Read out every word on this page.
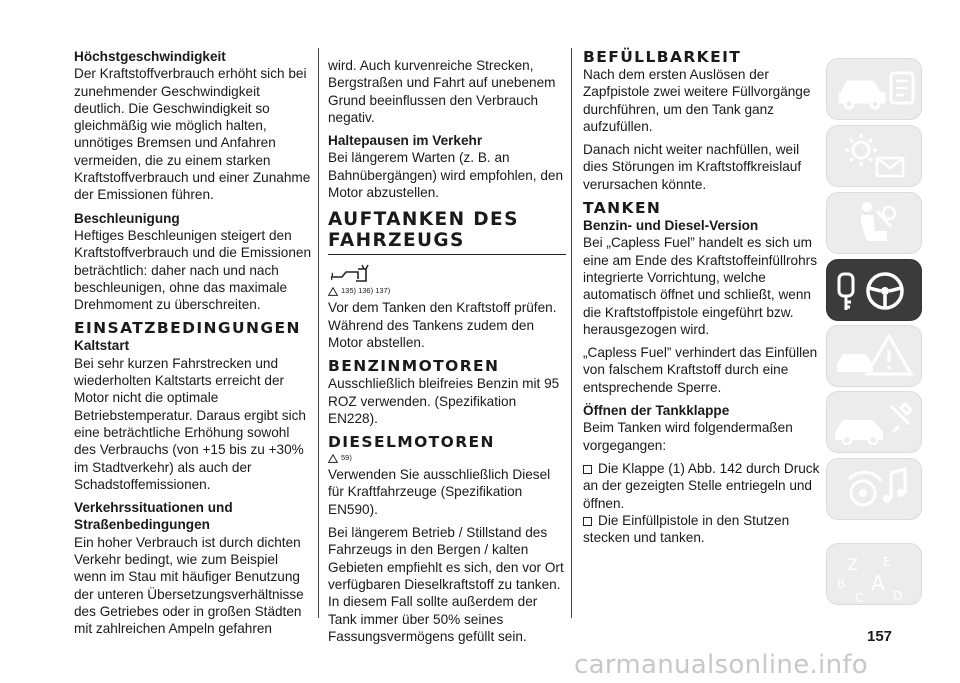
Höchstgeschwindigkeit

Der Kraftstoffverbrauch erhöht sich bei zunehmender Geschwindigkeit deutlich. Die Geschwindigkeit so gleichmäßig wie möglich halten, unnötiges Bremsen und Anfahren vermeiden, die zu einem starken Kraftstoffverbrauch und einer Zunahme der Emissionen führen.

Beschleunigung

Heftiges Beschleunigen steigert den Kraftstoffverbrauch und die Emissionen beträchtlich: daher nach und nach beschleunigen, ohne das maximale Drehmoment zu überschreiten.

EINSATZBEDINGUNGEN
Kaltstart

Bei sehr kurzen Fahrstrecken und wiederholten Kaltstarts erreicht der Motor nicht die optimale Betriebstemperatur. Daraus ergibt sich eine beträchtliche Erhöhung sowohl des Verbrauchs (von +15 bis zu +30% im Stadtverkehr) als auch der Schadstoffemissionen.

Verkehrssituationen und Straßenbedingungen

Ein hoher Verbrauch ist durch dichten Verkehr bedingt, wie zum Beispiel wenn im Stau mit häufiger Benutzung der unteren Übersetzungsverhältnisse des Getriebes oder in großen Städten mit zahlreichen Ampeln gefahren

wird. Auch kurvenreiche Strecken, Bergstraßen und Fahrt auf unebenem Grund beeinflussen den Verbrauch negativ.

Haltepausen im Verkehr

Bei längerem Warten (z. B. an Bahnübergängen) wird empfohlen, den Motor abzustellen.

AUFTANKEN DES FAHRZEUGS
135) 136) 137)

Vor dem Tanken den Kraftstoff prüfen. Während des Tankens zudem den Motor abstellen.

BENZINMOTOREN

Ausschließlich bleifreies Benzin mit 95 ROZ verwenden. (Spezifikation EN228).

DIESELMOTOREN
59)

Verwenden Sie ausschließlich Diesel für Kraftfahrzeuge (Spezifikation EN590).

Bei längerem Betrieb / Stillstand des Fahrzeugs in den Bergen / kalten Gebieten empfiehlt es sich, den vor Ort verfügbaren Dieselkraftstoff zu tanken. In diesem Fall sollte außerdem der Tank immer über 50% seines Fassungsvermögens gefüllt sein.

BEFÜLLBARKEIT

Nach dem ersten Auslösen der Zapfpistole zwei weitere Füllvorgänge durchführen, um den Tank ganz aufzufüllen.

Danach nicht weiter nachfüllen, weil dies Störungen im Kraftstoffkreislauf verursachen könnte.

TANKEN
Benzin- und Diesel-Version

Bei „Capless Fuel” handelt es sich um eine am Ende des Kraftstoffeinfüllrohrs integrierte Vorrichtung, welche automatisch öffnet und schließt, wenn die Kraftstoffpistole eingeführt bzw. herausgezogen wird.

„Capless Fuel” verhindert das Einfüllen von falschem Kraftstoff durch eine entsprechende Sperre.

Öffnen der Tankklappe

Beim Tanken wird folgendermaßen vorgegangen:

Die Klappe (1) Abb. 142 durch Druck an der gezeigten Stelle entriegeln und öffnen.

Die Einfüllpistole in den Stutzen stecken und tanken.

Z E
B A
C D
157
carmanualsonline.info
